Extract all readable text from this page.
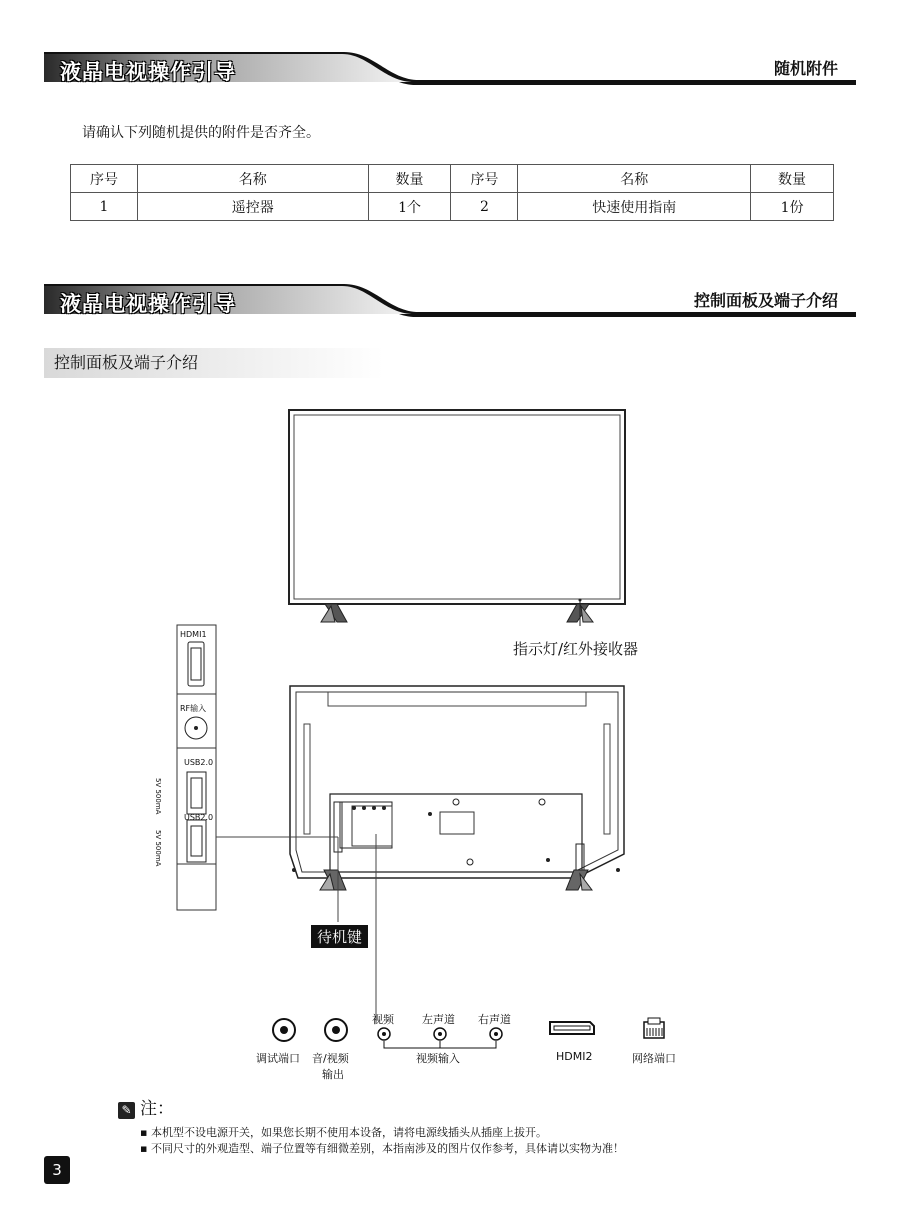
液晶电视操作引导	随机附件
请确认下列随机提供的附件是否齐全。
序号	名称	数量	序号	名称	数量
1	遥控器	1个	2	快速使用指南	1份
液晶电视操作引导	控制面板及端子介绍
控制面板及端子介绍
指示灯/红外接收器
HDMI1
RF输入
USB2.0
USB2.0
5V 500mA
5V 500mA
待机键
视频	左声道 右声道
调试端口 音/视频
输出
视频输入	HDMI2	网络端口
✎ 注：
▪ 本机型不设电源开关，如果您长期不使用本设备，请将电源线插头从插座上拔开。
▪ 不同尺寸的外观造型、端子位置等有细微差别，本指南涉及的图片仅作参考，具体请以实物为准！
3
